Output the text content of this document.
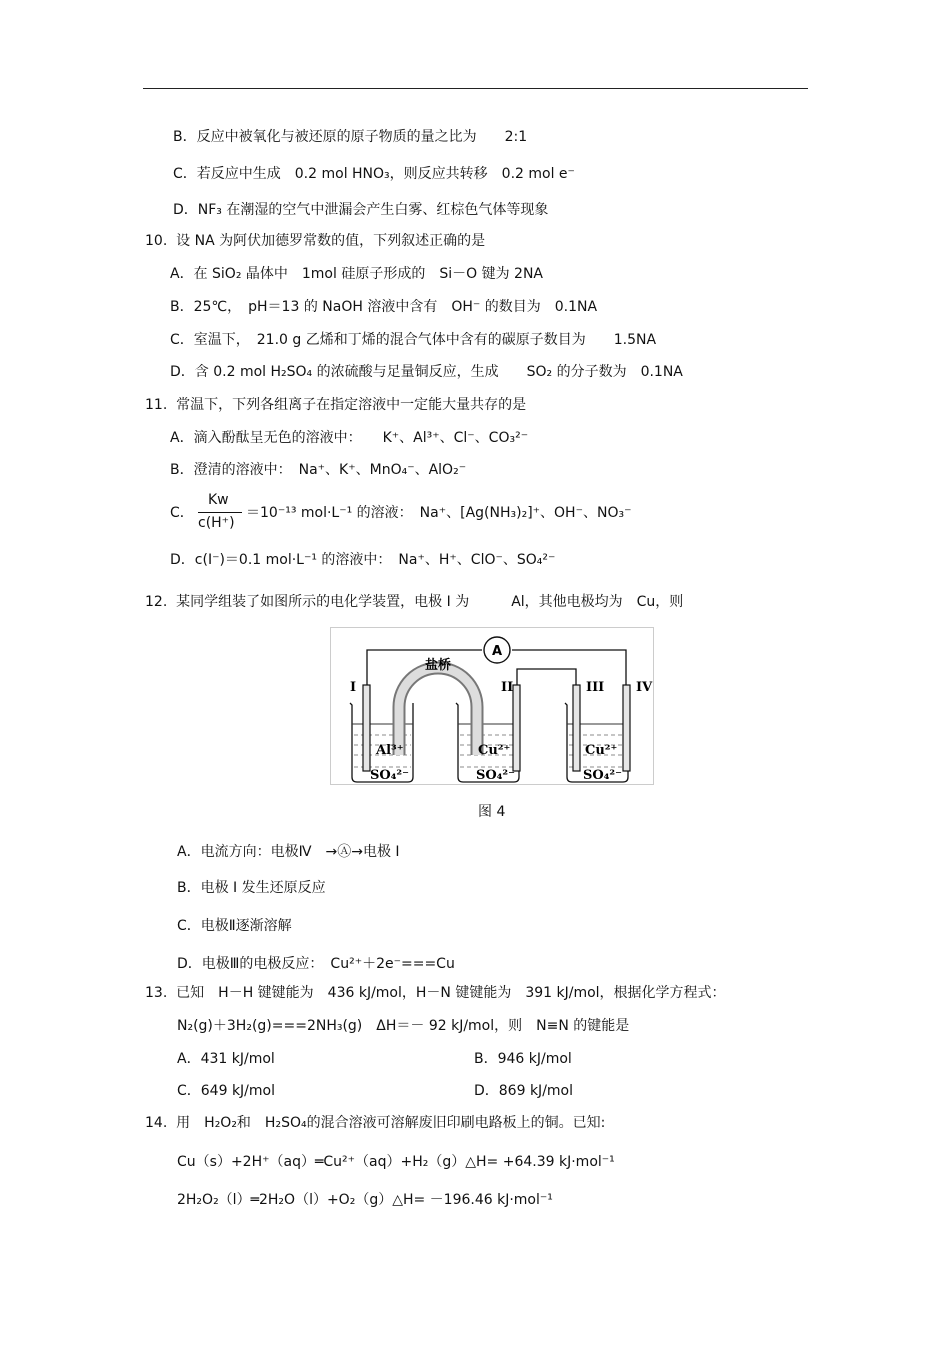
B．反应中被氧化与被还原的原子物质的量之比为　　2:1
C．若反应中生成　0.2 mol HNO₃，则反应共转移　0.2 mol e⁻
D．NF₃ 在潮湿的空气中泄漏会产生白雾、红棕色气体等现象
10.  设 NA 为阿伏加德罗常数的值，下列叙述正确的是
A．在 SiO₂ 晶体中　1mol 硅原子形成的　Si－O 键为 2NA
B．25℃，　pH＝13 的 NaOH 溶液中含有　OH⁻ 的数目为　0.1NA
C．室温下，　21.0 g 乙烯和丁烯的混合气体中含有的碳原子数目为　　1.5NA
D．含 0.2 mol H₂SO₄ 的浓硫酸与足量铜反应，生成　　SO₂ 的分子数为　0.1NA
11.  常温下，下列各组离子在指定溶液中一定能大量共存的是
A．滴入酚酞呈无色的溶液中：　　K⁺、Al³⁺、Cl⁻、CO₃²⁻
B．澄清的溶液中：　Na⁺、K⁺、MnO₄⁻、AlO₂⁻
C．
Kw
c(H⁺)
＝10⁻¹³ mol·L⁻¹ 的溶液：　Na⁺、[Ag(NH₃)₂]⁺、OH⁻、NO₃⁻
D．c(I⁻)＝0.1 mol·L⁻¹ 的溶液中：　Na⁺、H⁺、ClO⁻、SO₄²⁻
12.  某同学组装了如图所示的电化学装置，电极 I 为　　　Al，其他电极均为　Cu，则
A
盐桥
I	II	III IV
Al³⁺	Cu²⁺	Cu²⁺
SO₄²⁻	SO₄²⁻	SO₄²⁻
图 4
A．电流方向：电极Ⅳ　→Ⓐ→电极 I
B．电极 I 发生还原反应
C．电极Ⅱ逐渐溶解
D．电极Ⅲ的电极反应：　Cu²⁺＋2e⁻===Cu
13.  已知　H－H 键键能为　436 kJ/mol，H－N 键键能为　391 kJ/mol，根据化学方程式：
N₂(g)＋3H₂(g)===2NH₃(g)　ΔH＝－ 92 kJ/mol，则　N≡N 的键能是
A．431 kJ/mol	B．946 kJ/mol
C．649 kJ/mol	D．869 kJ/mol
14.  用　H₂O₂和　H₂SO₄的混合溶液可溶解废旧印刷电路板上的铜。已知:
Cu（s）+2H⁺（aq）═Cu²⁺（aq）+H₂（g）△H= +64.39 kJ·mol⁻¹
2H₂O₂（l）═2H₂O（l）+O₂（g）△H= －196.46 kJ·mol⁻¹
